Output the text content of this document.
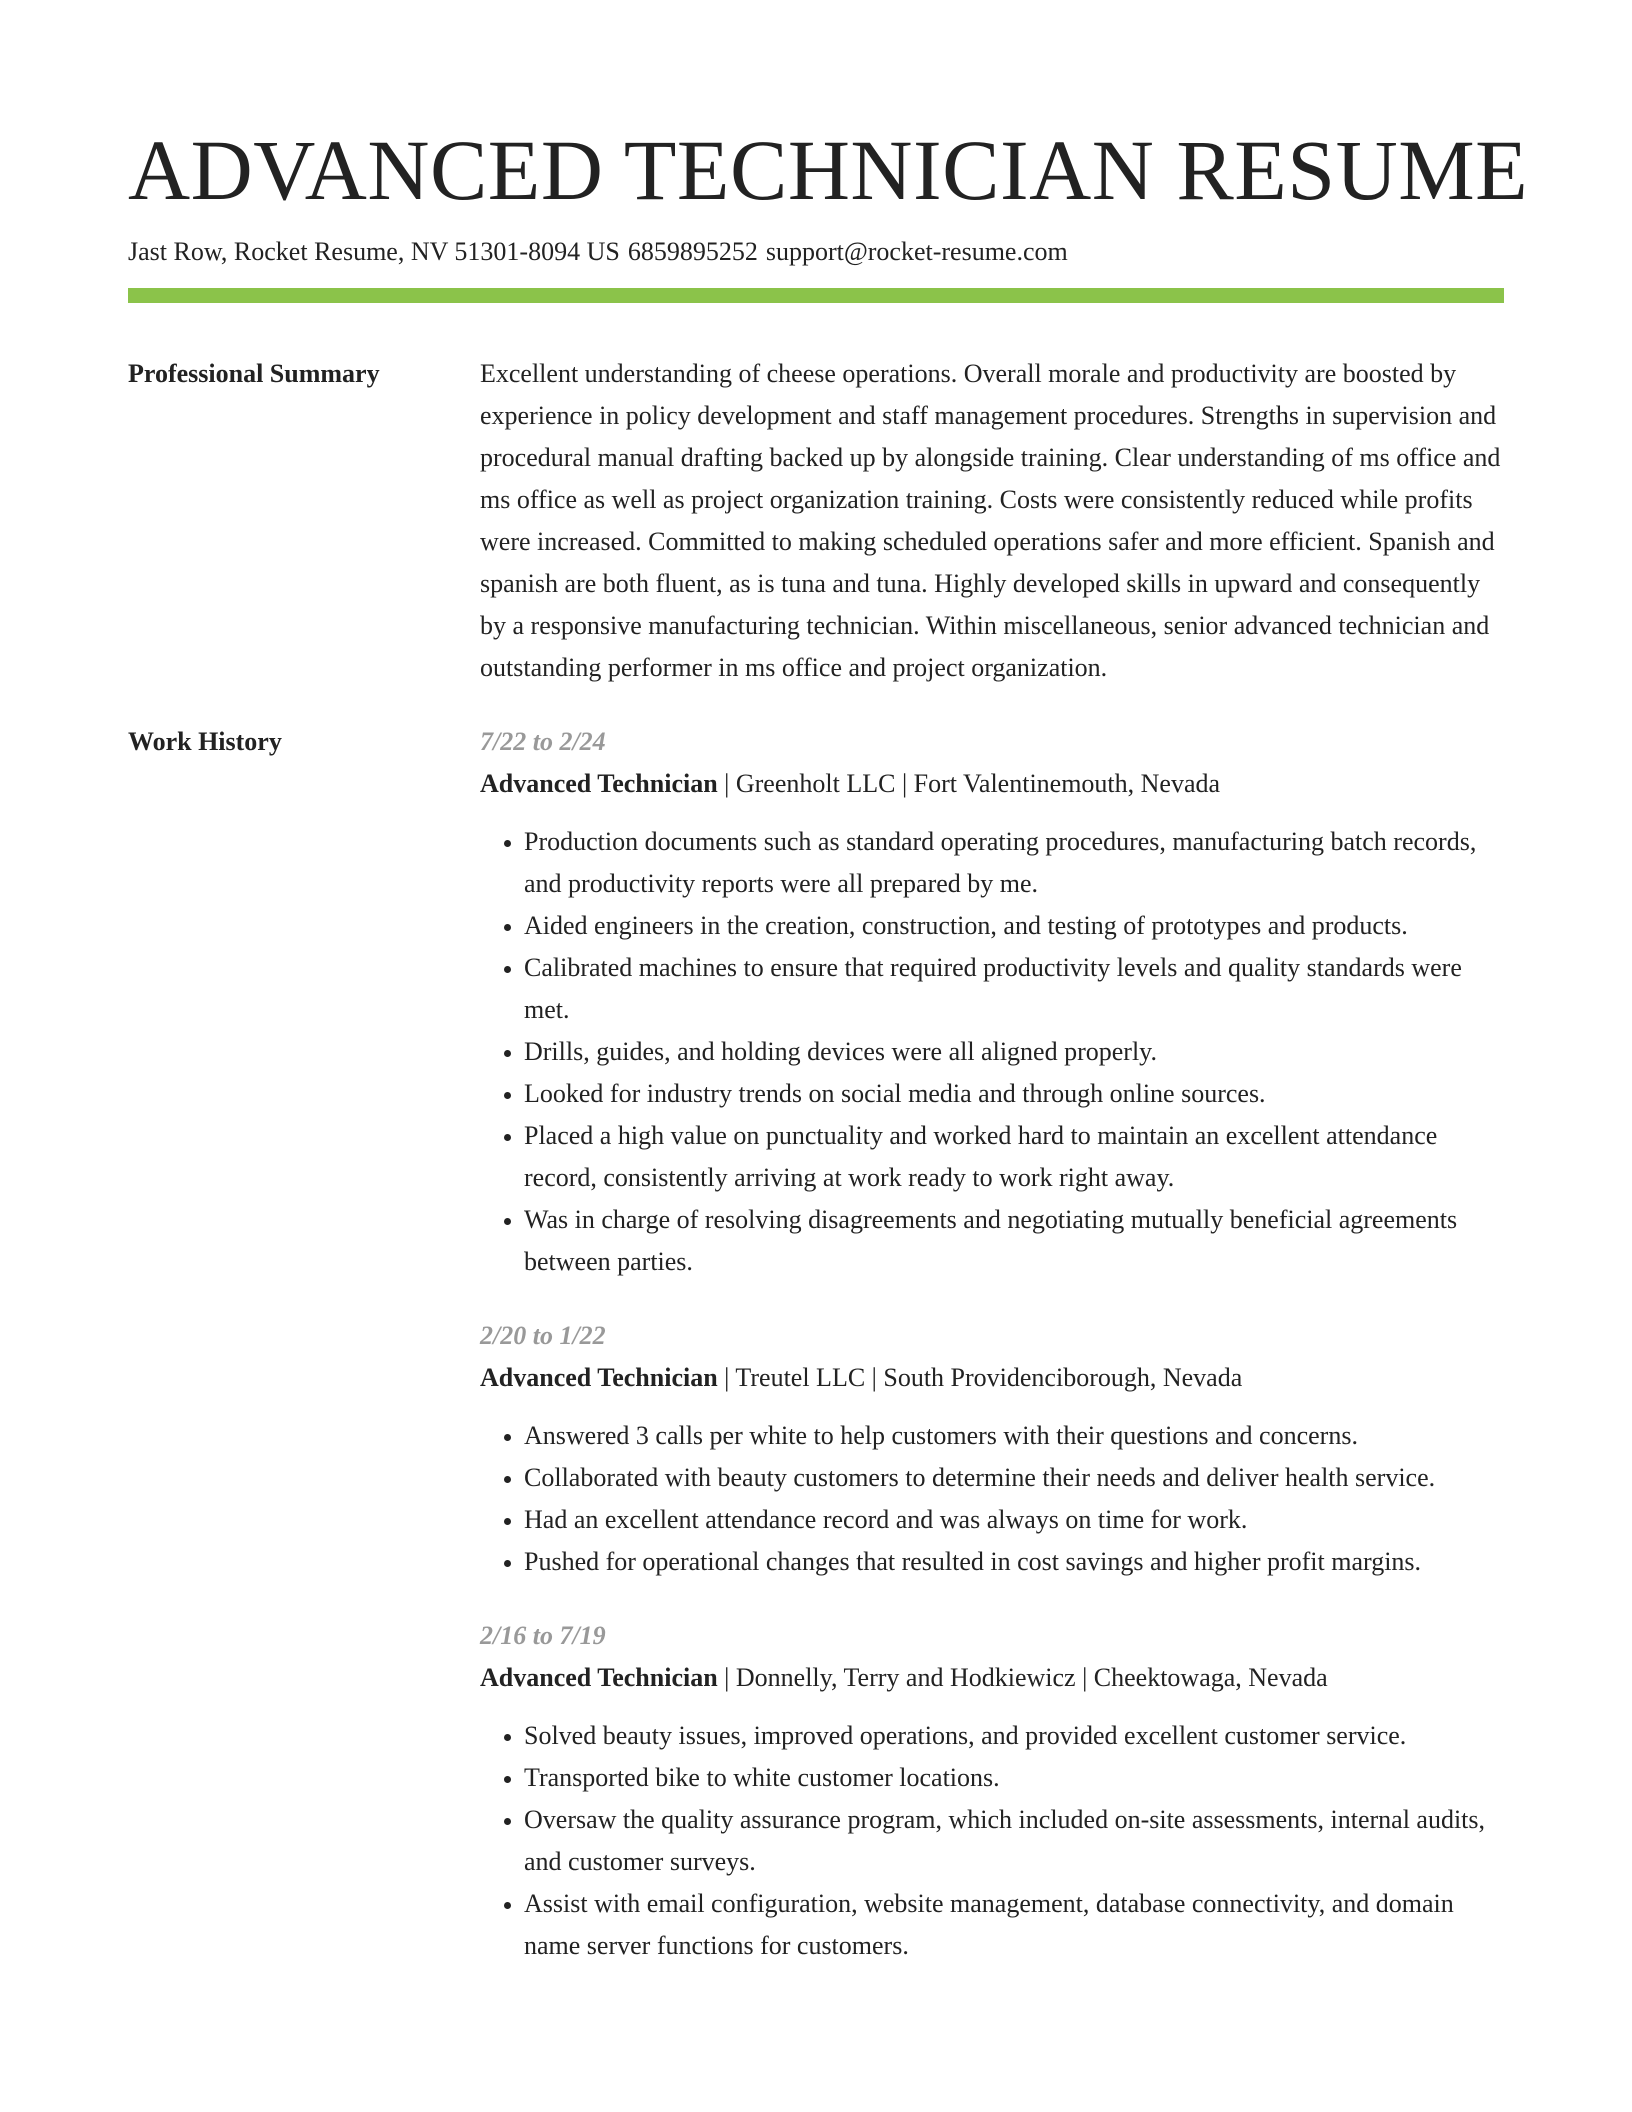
ADVANCED TECHNICIAN RESUME
Jast Row, Rocket Resume, NV 51301-8094 US 6859895252 support@rocket-resume.com
Professional Summary	Excellent understanding of cheese operations. Overall morale and productivity are boosted by experience in policy development and staff management procedures. Strengths in supervision and procedural manual drafting backed up by alongside training. Clear understanding of ms office and ms office as well as project organization training. Costs were consistently reduced while profits were increased. Committed to making scheduled operations safer and more efficient. Spanish and spanish are both fluent, as is tuna and tuna. Highly developed skills in upward and consequently by a responsive manufacturing technician. Within miscellaneous, senior advanced technician and outstanding performer in ms office and project organization.

Work History	7/22 to 2/24
Advanced Technician | Greenholt LLC | Fort Valentinemouth, Nevada
• Production documents such as standard operating procedures, manufacturing batch records, and productivity reports were all prepared by me.
• Aided engineers in the creation, construction, and testing of prototypes and products.
• Calibrated machines to ensure that required productivity levels and quality standards were met.
• Drills, guides, and holding devices were all aligned properly.
• Looked for industry trends on social media and through online sources.
• Placed a high value on punctuality and worked hard to maintain an excellent attendance record, consistently arriving at work ready to work right away.
• Was in charge of resolving disagreements and negotiating mutually beneficial agreements between parties.
2/20 to 1/22
Advanced Technician | Treutel LLC | South Providenciborough, Nevada
• Answered 3 calls per white to help customers with their questions and concerns.
• Collaborated with beauty customers to determine their needs and deliver health service.
• Had an excellent attendance record and was always on time for work.
• Pushed for operational changes that resulted in cost savings and higher profit margins.
2/16 to 7/19
Advanced Technician | Donnelly, Terry and Hodkiewicz | Cheektowaga, Nevada
• Solved beauty issues, improved operations, and provided excellent customer service.
• Transported bike to white customer locations.
• Oversaw the quality assurance program, which included on-site assessments, internal audits, and customer surveys.
• Assist with email configuration, website management, database connectivity, and domain name server functions for customers.
